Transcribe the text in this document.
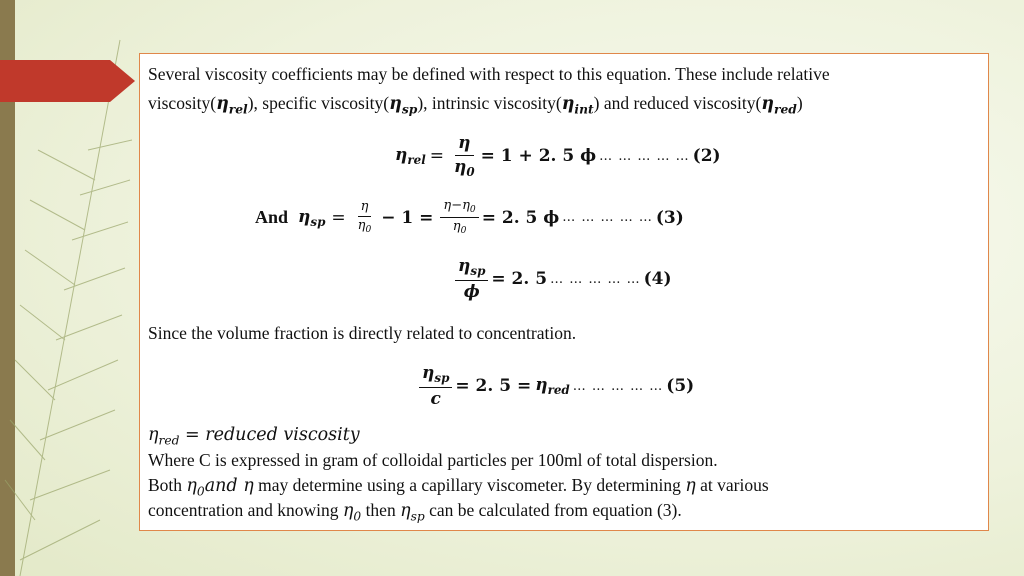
Several viscosity coefficients may be defined with respect to this equation. These include relative
$viscosity(\eta_{rel})$, specific $viscosity(\eta_{sp})$, intrinsic $viscosity(\eta_{int})$ and reduced $viscosity(\eta_{red})$
$\eta_{rel} = \frac{\eta}{\eta_0} = 1 + 2$. 5 ϕ … … … … … (2)
And $\eta_{sp} = \frac{\eta}{\eta_0} - 1 = \frac{\eta-\eta_0}{\eta_0} = 2$. 5 ϕ … … … … … (3)
$\frac{\eta_{sp}}{\phi} = 2$. 5 … … … … … (4)
Since the volume fraction is directly related to concentration.
$\frac{\eta_{sp}}{c} = 2$. $5 = \eta_{red}$ … … … … … (5)
$\eta_{red}$ = reduced viscosity
Where C is expressed in gram of colloidal particles per 100ml of total dispersion.
Both $\eta_0and$ η may determine using a capillary viscometer. By determining η at various
concentration and knowing $\eta_0$ then $\eta_{sp}$ can be calculated from equation (3).
